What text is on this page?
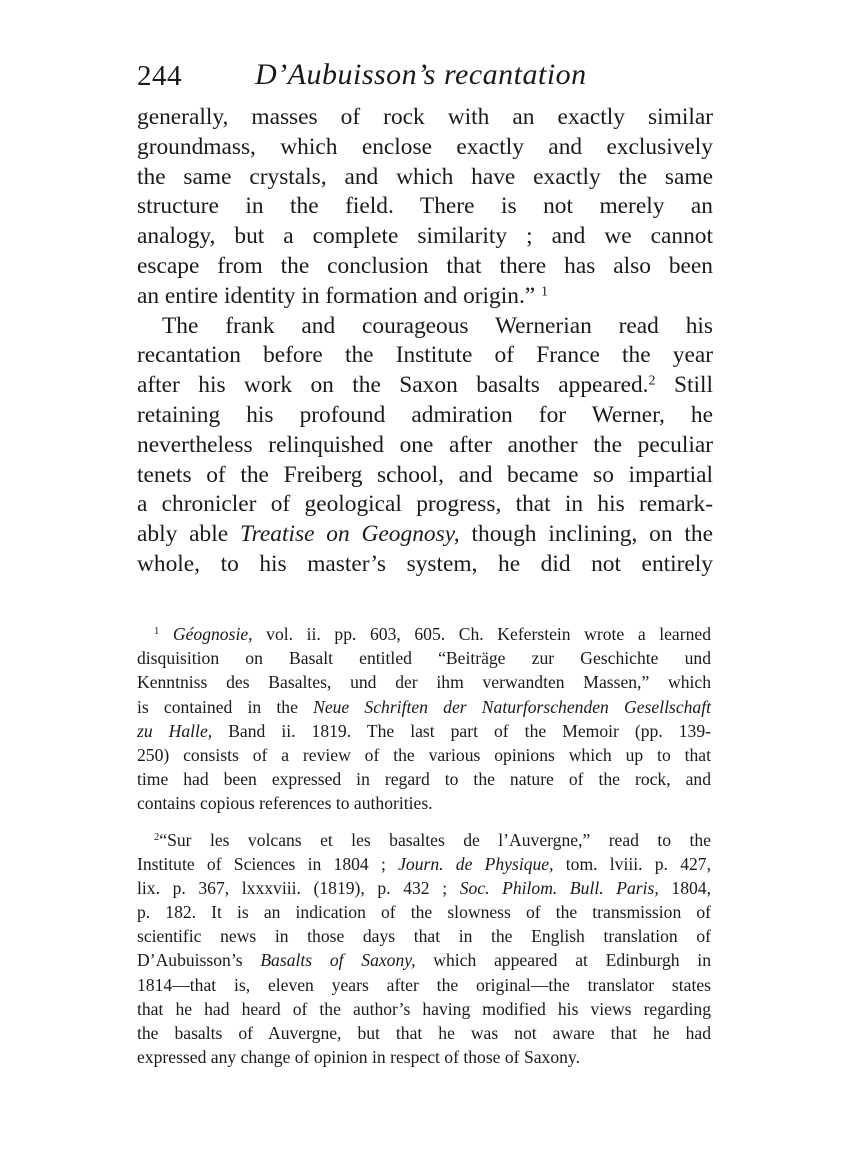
244 D’Aubuisson’s recantation
generally, masses of rock with an exactly similar
groundmass, which enclose exactly and exclusively
the same crystals, and which have exactly the same
structure in the field. There is not merely an
analogy, but a complete similarity ; and we cannot
escape from the conclusion that there has also been
an entire identity in formation and origin.” $^1$
The frank and courageous Wernerian read his
recantation before the Institute of France the year
after his work on the Saxon basalts appeared.$^2$ Still
retaining his profound admiration for Werner, he
nevertheless relinquished one after another the peculiar
tenets of the Freiberg school, and became so impartial
a chronicler of geological progress, that in his remark-
ably able Treatise on Geognosy, though inclining, on the
whole, to his master’s system, he did not entirely
$^1$ Géognosie, vol. ii. pp. 603, 605. Ch. Keferstein wrote a learned
disquisition on Basalt entitled “Beiträge zur Geschichte und
Kenntniss des Basaltes, und der ihm verwandten Massen,” which
is contained in the Neue Schriften der Naturforschenden Gesellschaft
zu Halle, Band ii. 1819. The last part of the Memoir (pp. 139-
250) consists of a review of the various opinions which up to that
time had been expressed in regard to the nature of the rock, and
contains copious references to authorities.
$^2$“Sur les volcans et les basaltes de l’Auvergne,” read to the
Institute of Sciences in 1804 ; Journ. de Physique, tom. lviii. p. 427,
lix. p. 367, lxxxviii. (1819), p. 432 ; Soc. Philom. Bull. Paris, 1804,
p. 182. It is an indication of the slowness of the transmission of
scientific news in those days that in the English translation of
D’Aubuisson’s Basalts of Saxony, which appeared at Edinburgh in
1814—that is, eleven years after the original—the translator states
that he had heard of the author’s having modified his views regarding
the basalts of Auvergne, but that he was not aware that he had
expressed any change of opinion in respect of those of Saxony.
